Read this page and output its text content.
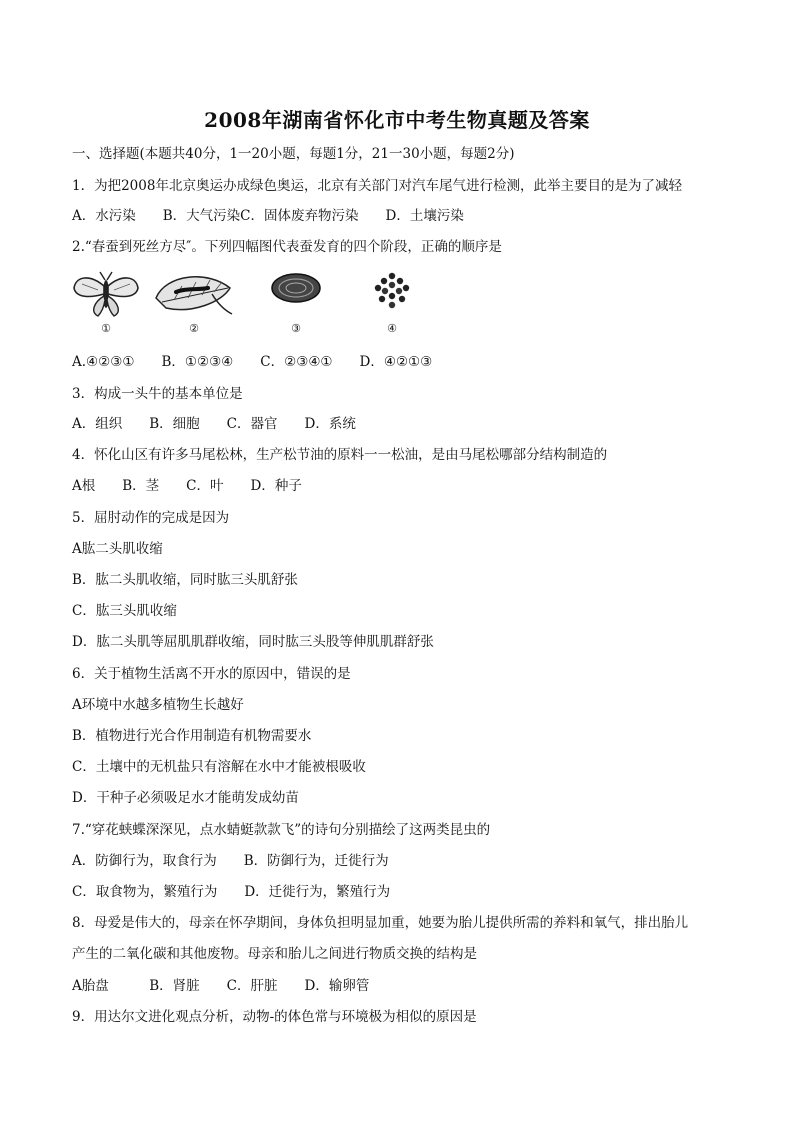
2008年湖南省怀化市中考生物真题及答案
一、选择题(本题共40分，1一20小题，每题1分，21一30小题，每题2分)
1．为把2008年北京奥运办成绿色奥运，北京有关部门对汽车尾气进行检测，此举主要目的是为了减轻
A．水污染　　B．大气污染C．固体废弃物污染　　D．土壤污染
2.“春蚕到死丝方尽″。下列四幅图代表蚕发育的四个阶段，正确的顺序是
①	②	③	④
A.④②③①　　B．①②③④　　C．②③④①　　D．④②①③
3．构成一头牛的基本单位是
A．组织　　B．细胞　　C．器官　　D．系统
4．怀化山区有许多马尾松林，生产松节油的原料一一松油，是由马尾松哪部分结构制造的
A根　　B．茎　　C．叶　　D．种子
5．屈肘动作的完成是因为
A肱二头肌收缩
B．肱二头肌收缩，同时肱三头肌舒张
C．肱三头肌收缩
D．肱二头肌等屈肌肌群收缩，同时肱三头股等伸肌肌群舒张
6．关于植物生活离不开水的原因中，错误的是
A环境中水越多植物生长越好
B．植物进行光合作用制造有机物需要水
C．土壤中的无机盐只有溶解在水中才能被根吸收
D．干种子必须吸足水才能萌发成幼苗
7.“穿花蛱蝶深深见，点水蜻蜓款款飞”的诗句分别描绘了这两类昆虫的
A．防御行为，取食行为　　B．防御行为，迁徙行为
C．取食物为，繁殖行为　　D．迁徙行为，繁殖行为
8．母爱是伟大的，母亲在怀孕期间，身体负担明显加重，她要为胎儿提供所需的养料和氧气，排出胎儿
产生的二氧化碳和其他废物。母亲和胎儿之间进行物质交换的结构是
A胎盘　　　B．肾脏　　C．肝脏　　D．输卵管
9．用达尔文进化观点分析，动物-的体色常与环境极为相似的原因是
